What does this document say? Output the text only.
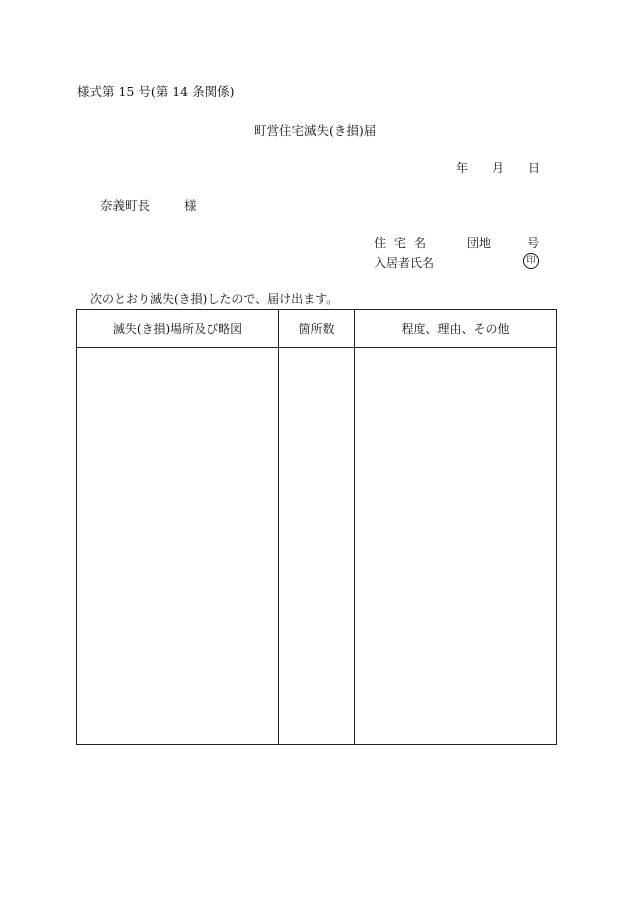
様式第 15 号(第 14 条関係)
町営住宅滅失(き損)届
年 月 日
奈義町長	様
住宅名	団地	号
入居者氏名	印
次のとおり滅失(き損)したので、届け出ます。
滅失(き損)場所及び略図	箇所数	程度、理由、その他
